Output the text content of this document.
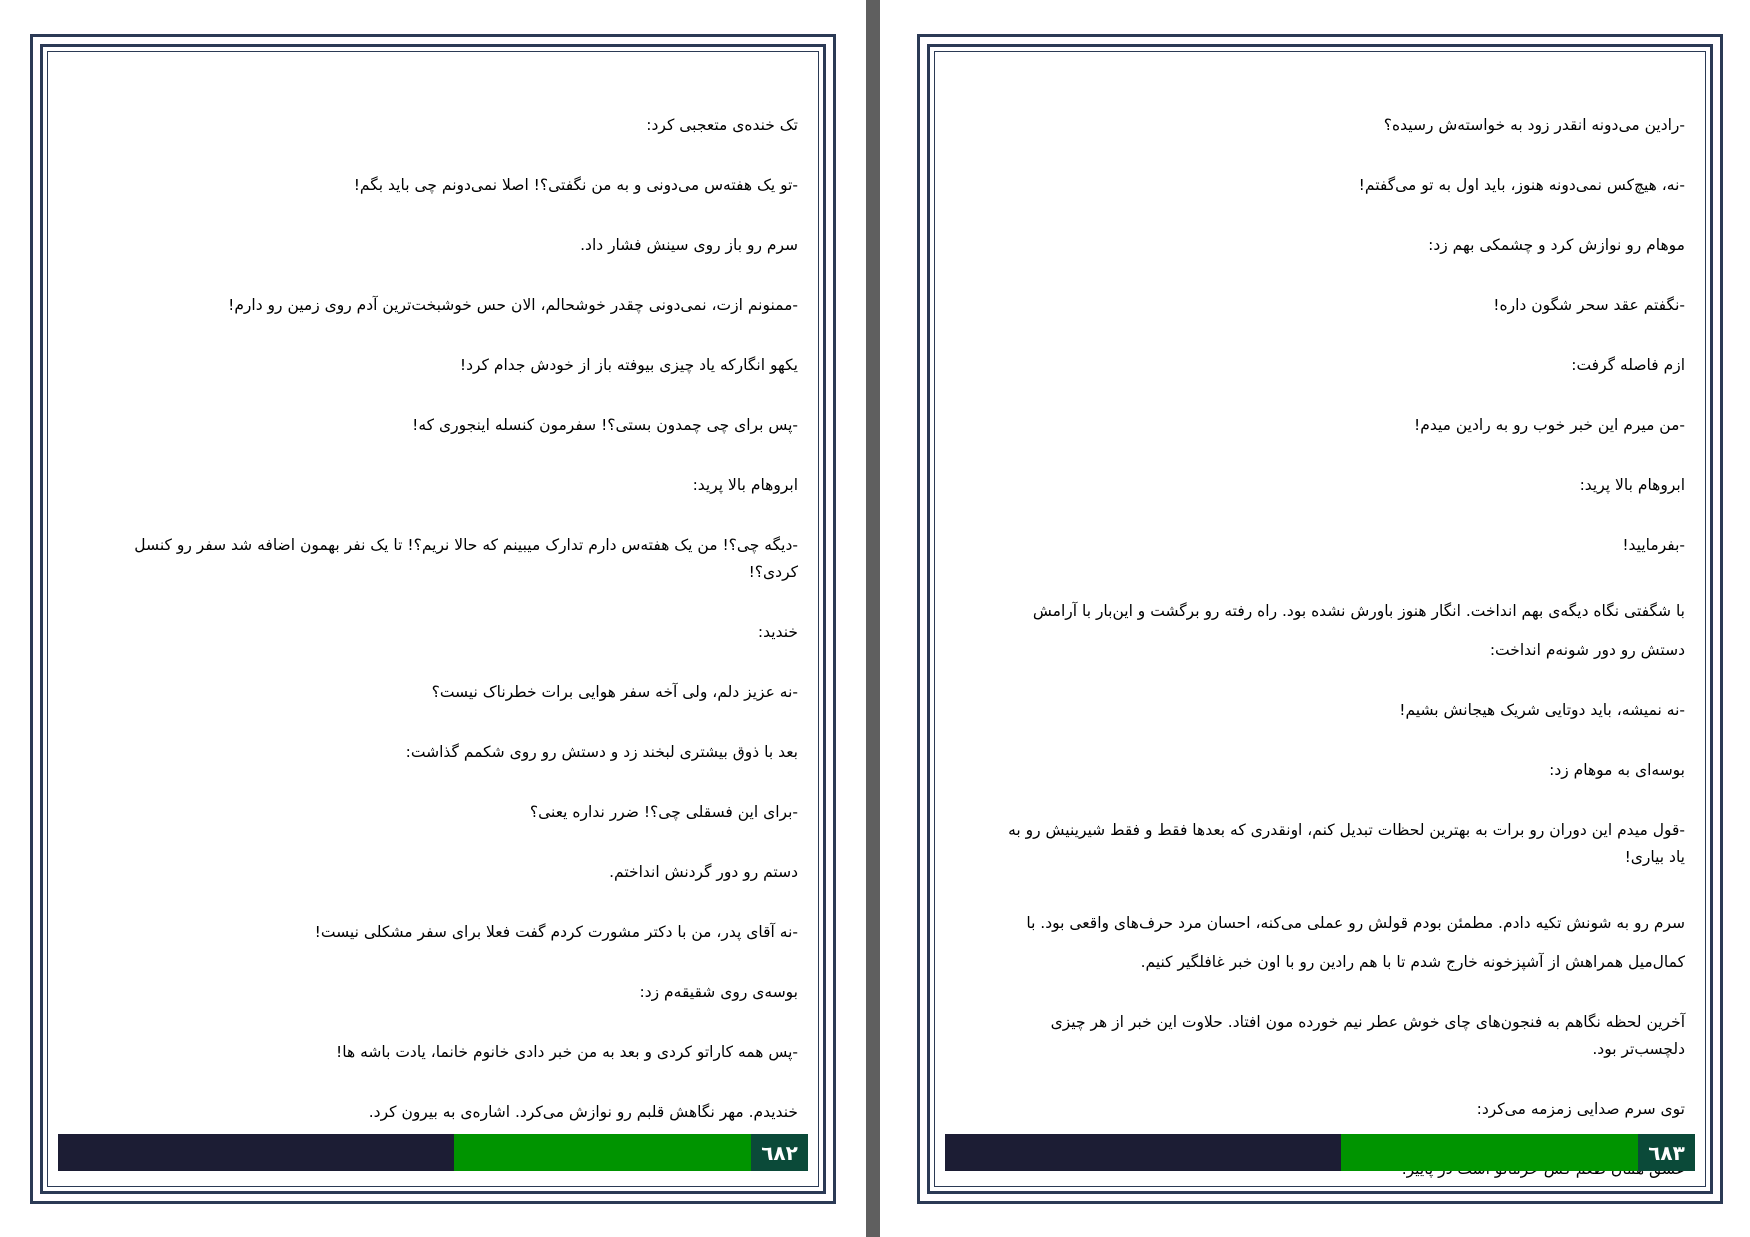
تک خنده‌ی متعجبی کرد:

-تو یک هفته‌س می‌دونی و به من نگفتی؟! اصلا نمی‌دونم چی باید بگم!

سرم رو باز روی سینش فشار داد.

-ممنونم ازت، نمی‌دونی چقدر خوشحالم، الان حس خوشبخت‌ترین آدم روی زمین رو دارم!

یکهو انگارکه یاد چیزی بیوفته باز از خودش جدام کرد!

-پس برای چی چمدون بستی؟! سفرمون کنسله اینجوری که!

ابروهام بالا پرید:

-دیگه چی؟! من یک هفته‌س دارم تدارک میبینم که حالا نریم؟! تا یک نفر بهمون اضافه شد سفر رو کنسل کردی؟!

خندید:

-نه عزیز دلم، ولی آخه سفر هوایی برات خطرناک نیست؟

بعد با ذوق بیشتری لبخند زد و دستش رو روی شکمم گذاشت:

-برای این فسقلی چی؟! ضرر نداره یعنی؟

دستم رو دور گردنش انداختم.

-نه آقای پدر، من با دکتر مشورت کردم گفت فعلا برای سفر مشکلی نیست!

بوسه‌ی روی شقیقه‌م زد:

-پس همه کاراتو کردی و بعد به من خبر دادی خانوم خانما، یادت باشه ها!

خندیدم. مهر نگاهش قلبم رو نوازش می‌کرد. اشاره‌ی به بیرون کرد.

٦٨٢

-رادین می‌دونه انقدر زود به خواسته‌ش رسیده؟

-نه، هیچ‌کس نمی‌دونه هنوز، باید اول به تو می‌گفتم!

موهام رو نوازش کرد و چشمکی بهم زد:

-نگفتم عقد سحر شگون داره!

ازم فاصله گرفت:

-من میرم این خبر خوب رو به رادین میدم!

ابروهام بالا پرید:

-بفرمایید!

با شگفتی نگاه دیگه‌ی بهم انداخت. انگار هنوز باورش نشده بود. راه رفته رو برگشت و این‌بار با آرامش دستش رو دور شونه‌م انداخت:

-نه نمیشه، باید دوتایی شریک هیجانش بشیم!

بوسه‌ای به موهام زد:

-قول میدم این دوران رو برات به بهترین لحظات تبدیل کنم، اونقدری که بعدها فقط و فقط شیرینیش رو به یاد بیاری!

سرم رو به شونش تکیه دادم. مطمئن بودم قولش رو عملی می‌کنه، احسان مرد حرف‌های واقعی بود. با کمال‌میل همراهش از آشپزخونه خارج شدم تا با هم رادین رو با اون خبر غافلگیر کنیم.

آخرین لحظه نگاهم به فنجون‌های چای خوش عطر نیم خورده مون افتاد. حلاوت این خبر از هر چیزی دلچسب‌تر بود.

توی سرم صدایی زمزمه می‌کرد:

٦٨٣
